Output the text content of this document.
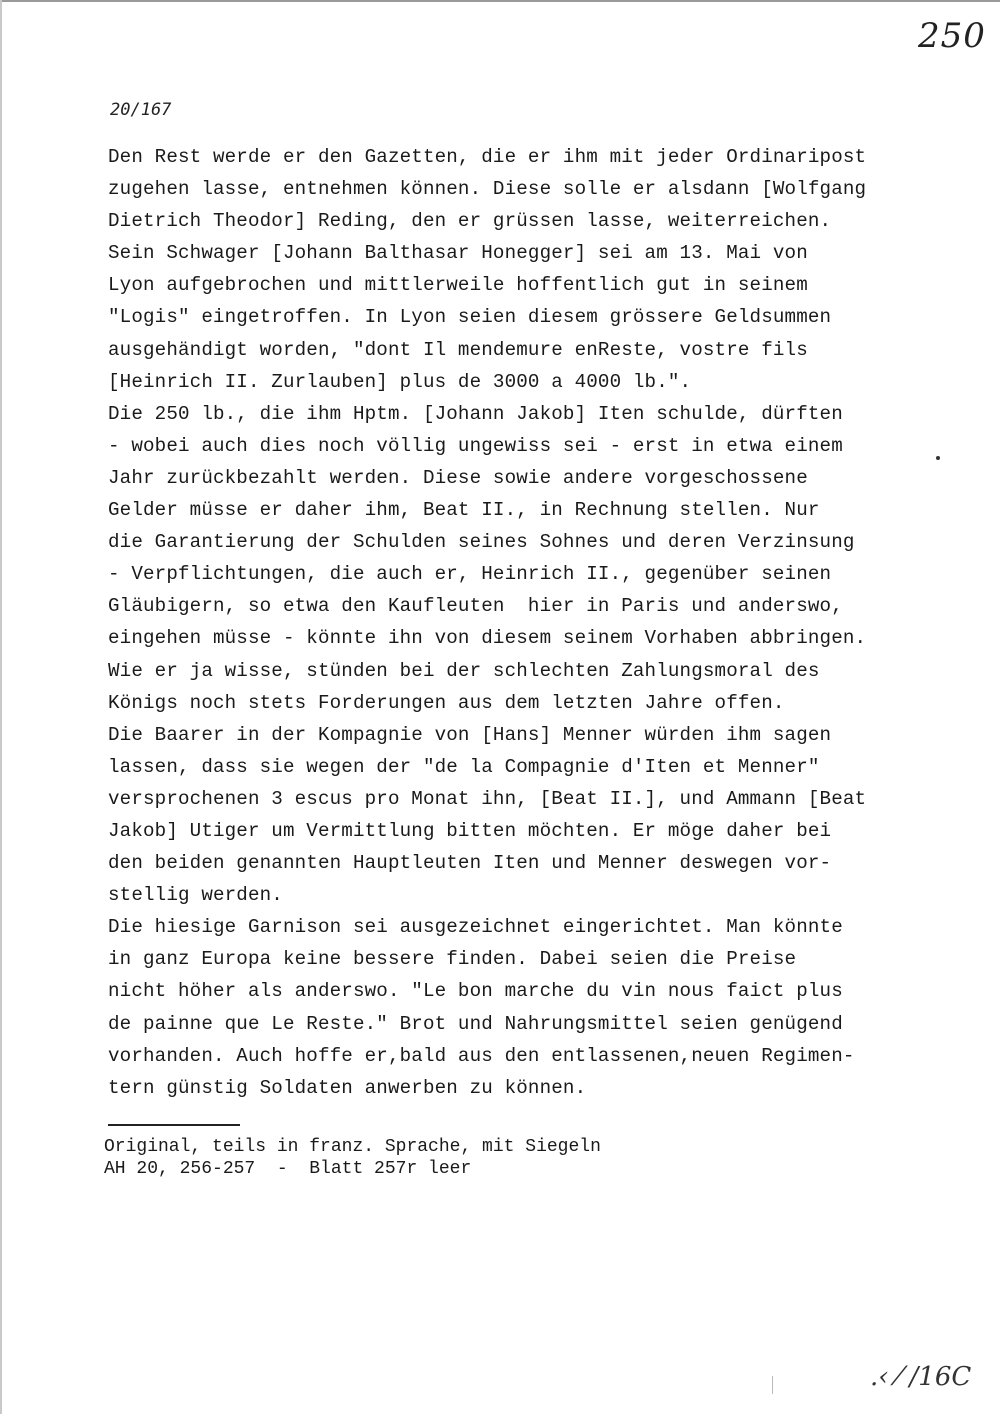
250
20/167
Den Rest werde er den Gazetten, die er ihm mit jeder Ordinaripost
zugehen lasse, entnehmen können. Diese solle er alsdann [Wolfgang
Dietrich Theodor] Reding, den er grüssen lasse, weiterreichen.
Sein Schwager [Johann Balthasar Honegger] sei am 13. Mai von
Lyon aufgebrochen und mittlerweile hoffentlich gut in seinem
"Logis" eingetroffen. In Lyon seien diesem grössere Geldsummen
ausgehändigt worden, "dont Il mendemure enReste, vostre fils
[Heinrich II. Zurlauben] plus de 3000 a 4000 lb.".
Die 250 lb., die ihm Hptm. [Johann Jakob] Iten schulde, dürften
- wobei auch dies noch völlig ungewiss sei - erst in etwa einem
Jahr zurückbezahlt werden. Diese sowie andere vorgeschossene
Gelder müsse er daher ihm, Beat II., in Rechnung stellen. Nur
die Garantierung der Schulden seines Sohnes und deren Verzinsung
- Verpflichtungen, die auch er, Heinrich II., gegenüber seinen
Gläubigern, so etwa den Kaufleuten  hier in Paris und anderswo,
eingehen müsse - könnte ihn von diesem seinem Vorhaben abbringen.
Wie er ja wisse, stünden bei der schlechten Zahlungsmoral des
Königs noch stets Forderungen aus dem letzten Jahre offen.
Die Baarer in der Kompagnie von [Hans] Menner würden ihm sagen
lassen, dass sie wegen der "de la Compagnie d'Iten et Menner"
versprochenen 3 escus pro Monat ihn, [Beat II.], und Ammann [Beat
Jakob] Utiger um Vermittlung bitten möchten. Er möge daher bei
den beiden genannten Hauptleuten Iten und Menner deswegen vor-
stellig werden.
Die hiesige Garnison sei ausgezeichnet eingerichtet. Man könnte
in ganz Europa keine bessere finden. Dabei seien die Preise
nicht höher als anderswo. "Le bon marche du vin nous faict plus
de painne que Le Reste." Brot und Nahrungsmittel seien genügend
vorhanden. Auch hoffe er,bald aus den entlassenen,neuen Regimen-
tern günstig Soldaten anwerben zu können.
Original, teils in franz. Sprache, mit Siegeln
AH 20, 256-257  -  Blatt 257r leer
.‹ ⁄ /16C
